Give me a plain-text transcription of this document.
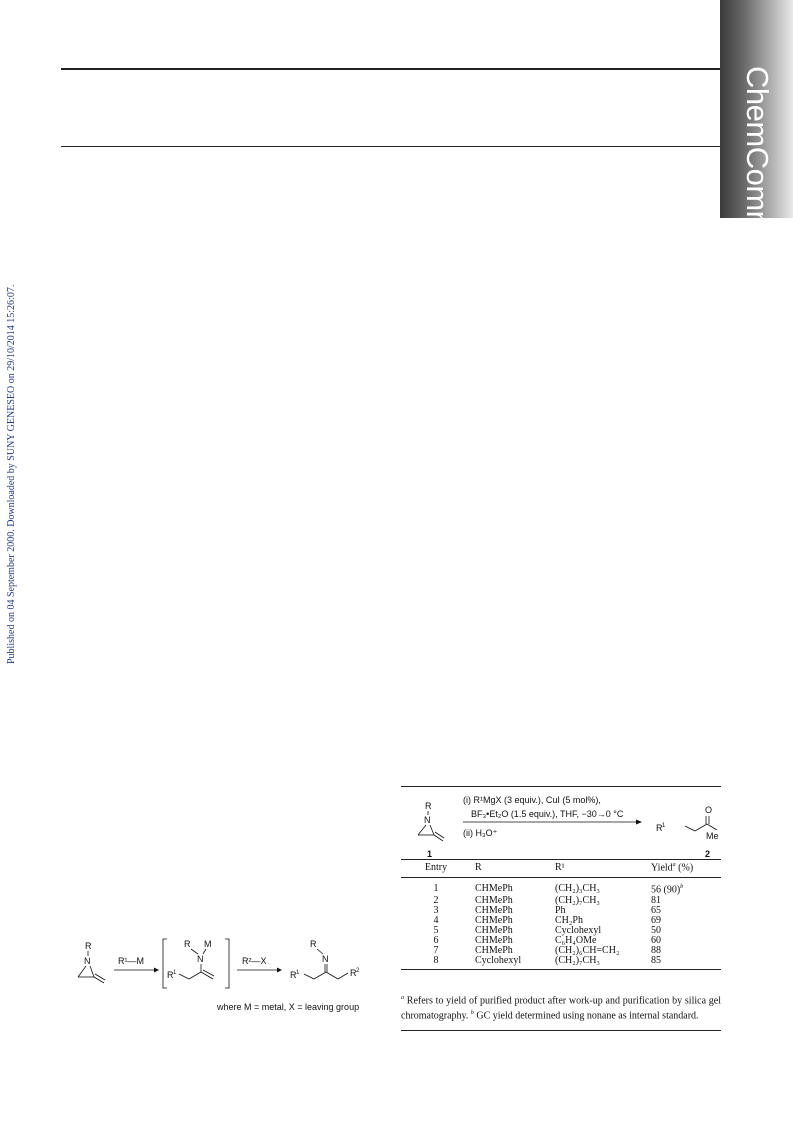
ChemComm
Published on 04 September 2000. Downloaded by SUNY GENESEO on 29/10/2014 15:26:07.
R
N	R¹—M
R M
N
R 1
R²—X
R
N
R 1	R 2
where M = metal, X = leaving group
R
N
1
(i) R¹MgX (3 equiv.), CuI (5 mol%),
BF₃•Et₂O (1.5 equiv.), THF, −30→0 °C
(ii) H₃O⁺
O
Me
R 1
2
Entry	R	R¹	Yield$^a$ (%)

1	CHMePh	(CH₂)₃CH₃	56 $(90)^b$
2	CHMePh	(CH₂)₇CH₃	81
3	CHMePh	Ph	65
4	CHMePh	CH₂Ph	69
5	CHMePh	Cyclohexyl	50
6	CHMePh	C₆H₄OMe	60
7	CHMePh	(CH₂)₆CH=CH₂	88
8	Cyclohexyl	(CH₂)₇CH₃	85
$^a$ Refers to yield of purified product after work-up and purification by silica gel chromatography. $^b$ GC yield determined using nonane as internal standard.
